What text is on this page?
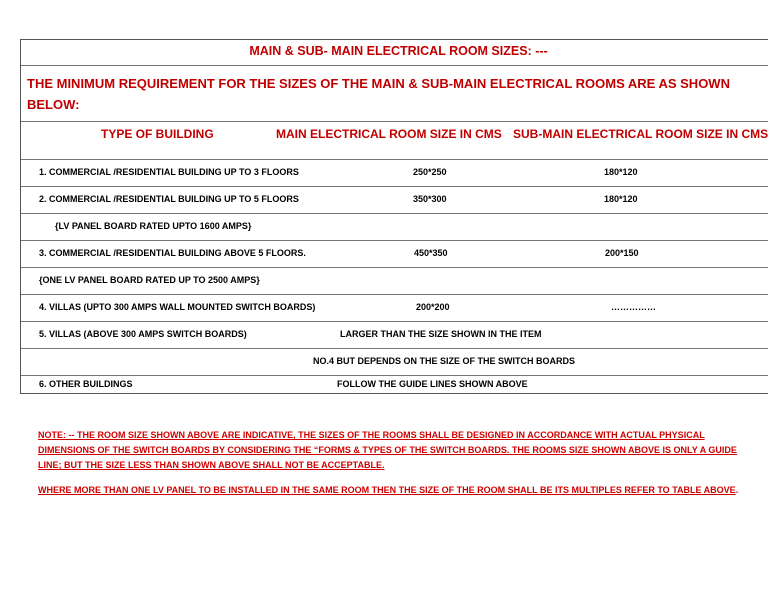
MAIN & SUB- MAIN ELECTRICAL ROOM SIZES: ---
THE MINIMUM REQUIREMENT FOR THE SIZES OF THE MAIN & SUB-MAIN ELECTRICAL ROOMS ARE AS SHOWN BELOW:
TYPE OF BUILDING	MAIN ELECTRICAL ROOM SIZE IN CMS SUB-MAIN ELECTRICAL ROOM SIZE IN CMS
1. COMMERCIAL /RESIDENTIAL BUILDING UP TO 3 FLOORS	250*250	180*120
2. COMMERCIAL /RESIDENTIAL BUILDING UP TO 5 FLOORS	350*300	180*120
{LV PANEL BOARD RATED UPTO 1600 AMPS}
3. COMMERCIAL /RESIDENTIAL BUILDING ABOVE 5 FLOORS.	450*350	200*150
{ONE LV PANEL BOARD RATED UP TO 2500 AMPS}
4. VILLAS (UPTO 300 AMPS WALL MOUNTED SWITCH BOARDS)	200*200	……………
5. VILLAS (ABOVE 300 AMPS SWITCH BOARDS)	LARGER THAN THE SIZE SHOWN IN THE ITEM
NO.4 BUT DEPENDS ON THE SIZE OF THE SWITCH BOARDS
6. OTHER BUILDINGS	FOLLOW THE GUIDE LINES SHOWN ABOVE
NOTE: -- THE ROOM SIZE SHOWN ABOVE ARE INDICATIVE, THE SIZES OF THE ROOMS SHALL BE DESIGNED IN ACCORDANCE WITH ACTUAL PHYSICAL DIMENSIONS OF THE SWITCH BOARDS BY CONSIDERING THE “FORMS & TYPES OF THE SWITCH BOARDS. THE ROOMS SIZE SHOWN ABOVE IS ONLY A GUIDE LINE; BUT THE SIZE LESS THAN SHOWN ABOVE SHALL NOT BE ACCEPTABLE.
WHERE MORE THAN ONE LV PANEL TO BE INSTALLED IN THE SAME ROOM THEN THE SIZE OF THE ROOM SHALL BE ITS MULTIPLES REFER TO TABLE ABOVE.
